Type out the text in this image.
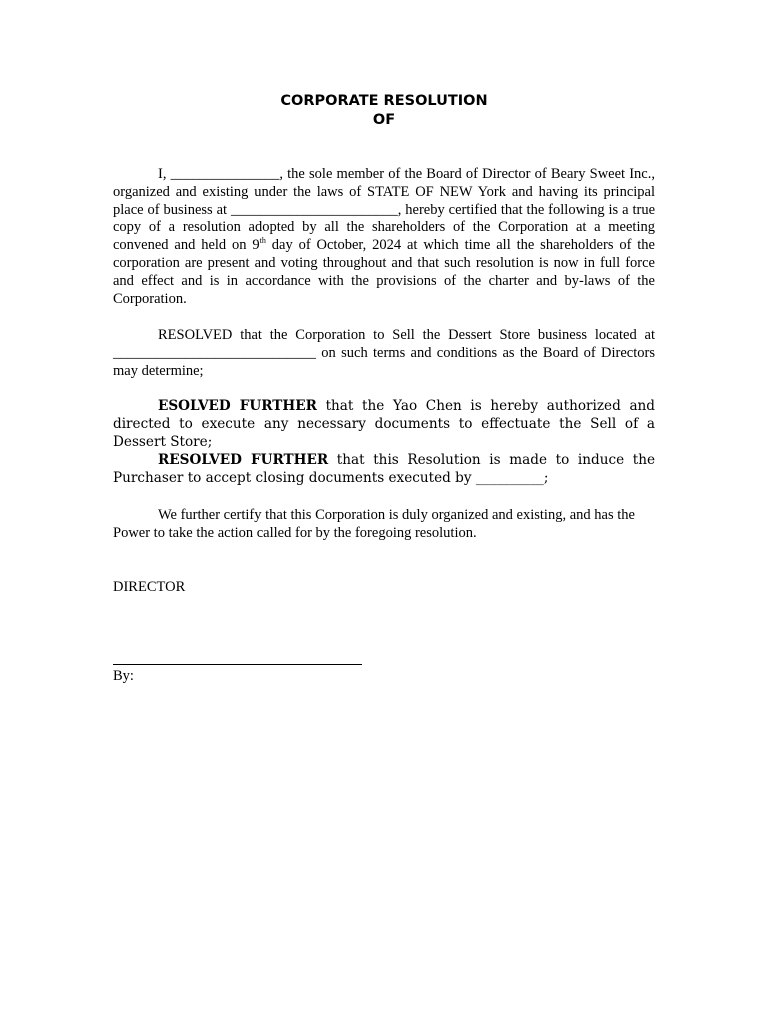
CORPORATE RESOLUTION
OF

I, _______________, the sole member of the Board of Director of Beary Sweet Inc., organized and existing under the laws of STATE OF NEW York and having its principal place of business at _______________________, hereby certified that the following is a true copy of a resolution adopted by all the shareholders of the Corporation at a meeting convened and held on 9th day of October, 2024 at which time all the shareholders of the corporation are present and voting throughout and that such resolution is now in full force and effect and is in accordance with the provisions of the charter and by-laws of the Corporation.

RESOLVED that the Corporation to Sell the Dessert Store business located at ____________________________ on such terms and conditions as the Board of Directors may determine;

ESOLVED FURTHER that the Yao Chen is hereby authorized and directed to execute any necessary documents to effectuate the Sell of a Dessert Store;

RESOLVED FURTHER that this Resolution is made to induce the Purchaser to accept closing documents executed by __________;

We further certify that this Corporation is duly organized and existing, and has the Power to take the action called for by the foregoing resolution.

DIRECTOR
By:
